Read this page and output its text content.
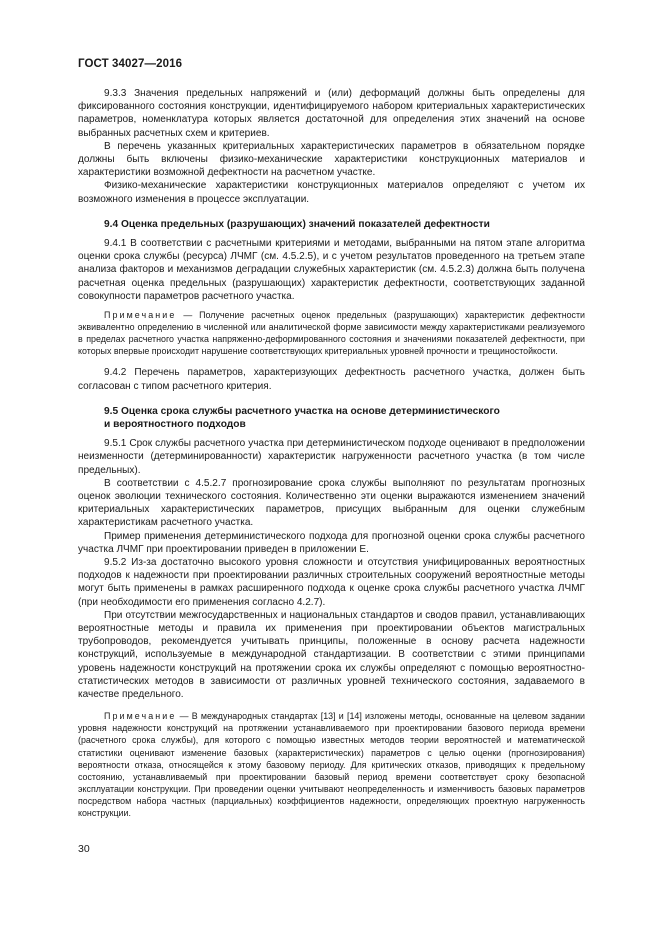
ГОСТ 34027—2016

9.3.3 Значения предельных напряжений и (или) деформаций должны быть определены для фиксированного состояния конструкции, идентифицируемого набором критериальных характеристических параметров, номенклатура которых является достаточной для определения этих значений на основе выбранных расчетных схем и критериев.

В перечень указанных критериальных характеристических параметров в обязательном порядке должны быть включены физико-механические характеристики конструкционных материалов и характеристики возможной дефектности на расчетном участке.

Физико-механические характеристики конструкционных материалов определяют с учетом их возможного изменения в процессе эксплуатации.

9.4 Оценка предельных (разрушающих) значений показателей дефектности

9.4.1 В соответствии с расчетными критериями и методами, выбранными на пятом этапе алгоритма оценки срока службы (ресурса) ЛЧМГ (см. 4.5.2.5), и с учетом результатов проведенного на третьем этапе анализа факторов и механизмов деградации служебных характеристик (см. 4.5.2.3) должна быть получена расчетная оценка предельных (разрушающих) характеристик дефектности, соответствующих заданной совокупности параметров расчетного участка.

Примечание — Получение расчетных оценок предельных (разрушающих) характеристик дефектности эквивалентно определению в численной или аналитической форме зависимости между характеристиками реализуемого в пределах расчетного участка напряженно-деформированного состояния и значениями показателей дефектности, при которых впервые происходит нарушение соответствующих критериальных уровней прочности и трещиностойкости.

9.4.2 Перечень параметров, характеризующих дефектность расчетного участка, должен быть согласован с типом расчетного критерия.

9.5 Оценка срока службы расчетного участка на основе детерминистического и вероятностного подходов

9.5.1 Срок службы расчетного участка при детерминистическом подходе оценивают в предположении неизменности (детерминированности) характеристик нагруженности расчетного участка (в том числе предельных).

В соответствии с 4.5.2.7 прогнозирование срока службы выполняют по результатам прогнозных оценок эволюции технического состояния. Количественно эти оценки выражаются изменением значений критериальных характеристических параметров, присущих выбранным для оценки служебным характеристикам расчетного участка.

Пример применения детерминистического подхода для прогнозной оценки срока службы расчетного участка ЛЧМГ при проектировании приведен в приложении Е.

9.5.2 Из-за достаточно высокого уровня сложности и отсутствия унифицированных вероятностных подходов к надежности при проектировании различных строительных сооружений вероятностные методы могут быть применены в рамках расширенного подхода к оценке срока службы расчетного участка ЛЧМГ (при необходимости его применения согласно 4.2.7).

При отсутствии межгосударственных и национальных стандартов и сводов правил, устанавливающих вероятностные методы и правила их применения при проектировании объектов магистральных трубопроводов, рекомендуется учитывать принципы, положенные в основу расчета надежности конструкций, используемые в международной стандартизации. В соответствии с этими принципами уровень надежности конструкций на протяжении срока их службы определяют с помощью вероятностно-статистических методов в зависимости от различных уровней технического состояния, задаваемого в качестве предельного.

Примечание — В международных стандартах [13] и [14] изложены методы, основанные на целевом задании уровня надежности конструкций на протяжении устанавливаемого при проектировании базового периода времени (расчетного срока службы), для которого с помощью известных методов теории вероятностей и математической статистики оценивают изменение базовых (характеристических) параметров с целью оценки (прогнозирования) вероятности отказа, относящейся к этому базовому периоду. Для критических отказов, приводящих к предельному состоянию, устанавливаемый при проектировании базовый период времени соответствует сроку безопасной эксплуатации конструкции. При проведении оценки учитывают неопределенность и изменчивость базовых параметров посредством набора частных (парциальных) коэффициентов надежности, определяющих проектную нагруженность конструкции.

30
